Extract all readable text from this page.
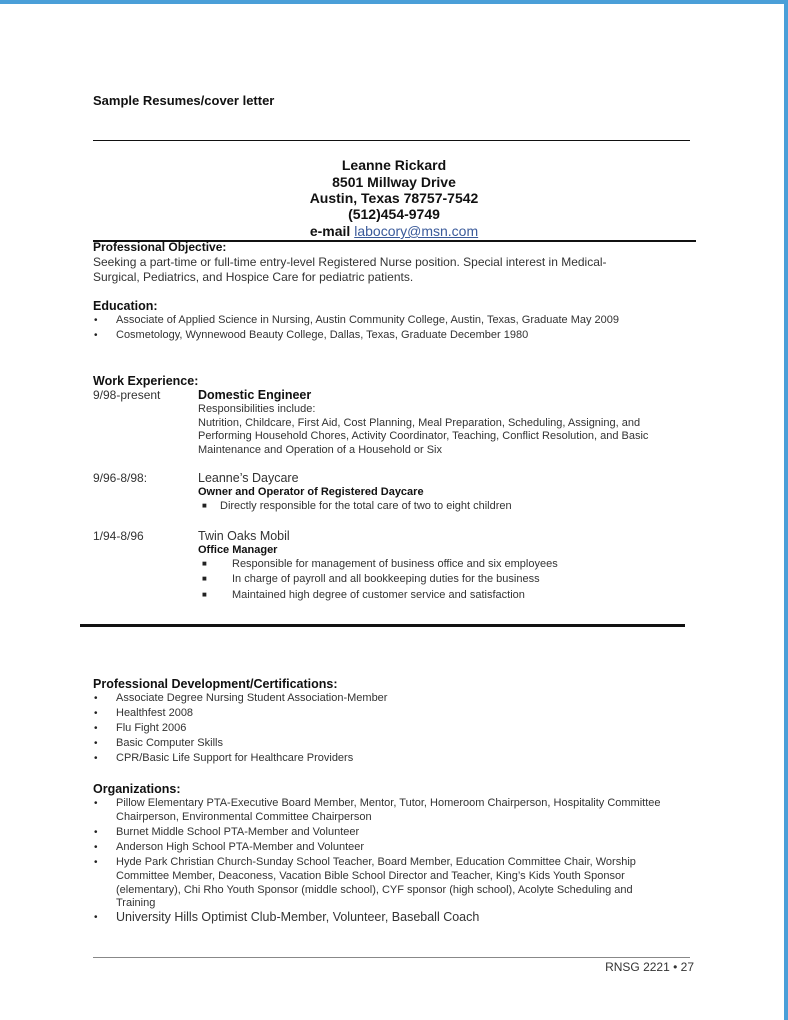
Sample Resumes/cover letter
Leanne Rickard
8501 Millway Drive
Austin, Texas 78757-7542
(512)454-9749
e-mail labocory@msn.com
Professional Objective:
Seeking a part-time or full-time entry-level Registered Nurse position. Special interest in Medical-
Surgical, Pediatrics, and Hospice Care for pediatric patients.
Education:
• Associate of Applied Science in Nursing, Austin Community College, Austin, Texas, Graduate May 2009
• Cosmetology, Wynnewood Beauty College, Dallas, Texas, Graduate December 1980
Work Experience:
9/98-present	Domestic Engineer
Responsibilities include:
Nutrition, Childcare, First Aid, Cost Planning, Meal Preparation, Scheduling, Assigning, and
Performing Household Chores, Activity Coordinator, Teaching, Conflict Resolution, and Basic
Maintenance and Operation of a Household or Six
9/96-8/98:	Leanne’s Daycare
Owner and Operator of Registered Daycare
■ Directly responsible for the total care of two to eight children
1/94-8/96	Twin Oaks Mobil
Office Manager
■ Responsible for management of business office and six employees
■ In charge of payroll and all bookkeeping duties for the business
■ Maintained high degree of customer service and satisfaction
Professional Development/Certifications:
• Associate Degree Nursing Student Association-Member
• Healthfest 2008
• Flu Fight 2006
• Basic Computer Skills
• CPR/Basic Life Support for Healthcare Providers
Organizations:
• Pillow Elementary PTA-Executive Board Member, Mentor, Tutor, Homeroom Chairperson, Hospitality Committee
Chairperson, Environmental Committee Chairperson
• Burnet Middle School PTA-Member and Volunteer
• Anderson High School PTA-Member and Volunteer
• Hyde Park Christian Church-Sunday School Teacher, Board Member, Education Committee Chair, Worship
Committee Member, Deaconess, Vacation Bible School Director and Teacher, King’s Kids Youth Sponsor
(elementary), Chi Rho Youth Sponsor (middle school), CYF sponsor (high school), Acolyte Scheduling and
Training
• University Hills Optimist Club-Member, Volunteer, Baseball Coach
RNSG 2221 • 27
